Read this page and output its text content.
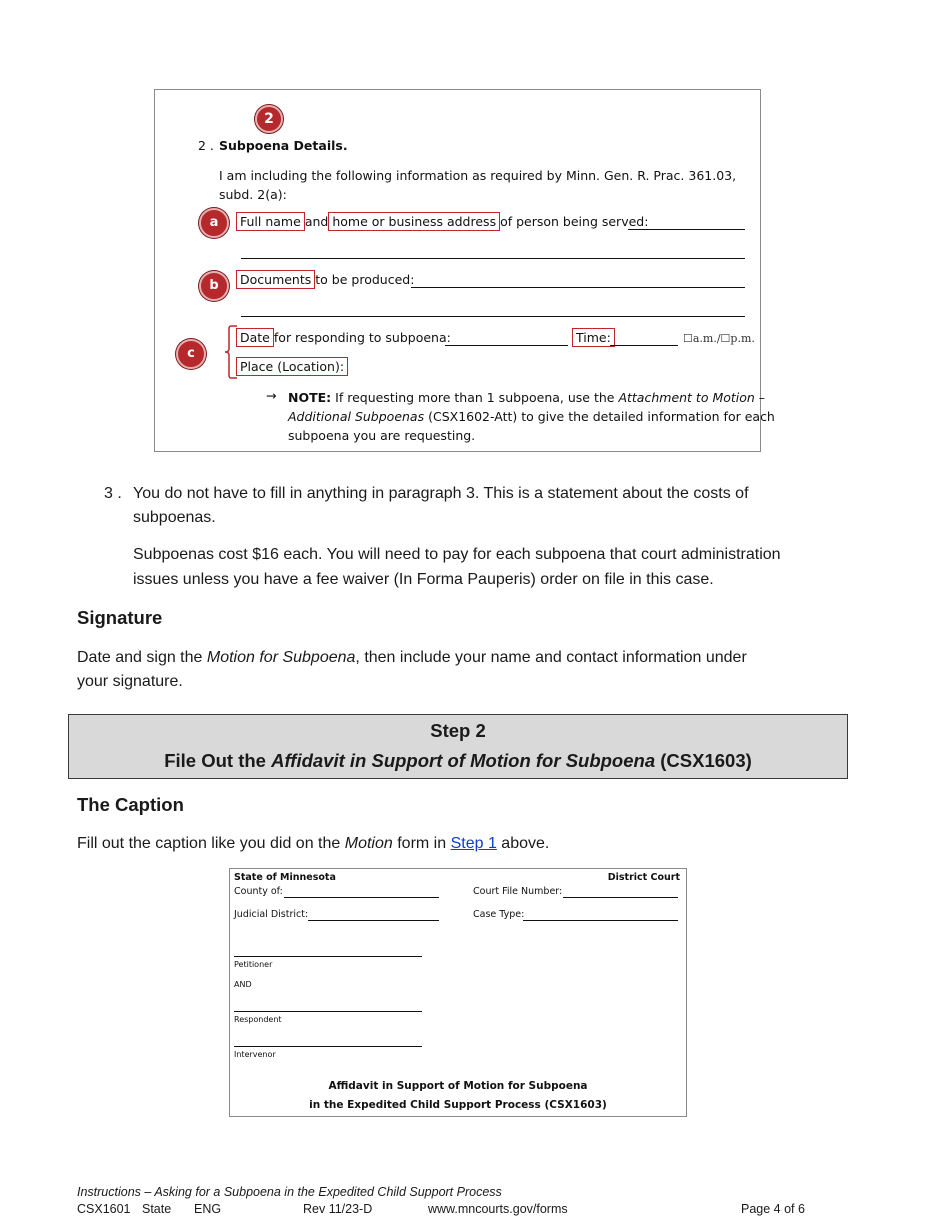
2
2 . Subpoena Details.
I am including the following information as required by Minn. Gen. R. Prac. 361.03,
subd. 2(a):
a	Full name and home or business address of person being served:
b	Documents to be produced:
c
Date for responding to subpoena:	Time:	☐a.m./☐p.m.
Place (Location):
→ NOTE: If requesting more than 1 subpoena, use the Attachment to Motion –
Additional Subpoenas (CSX1602-Att) to give the detailed information for each
subpoena you are requesting.
3 . You do not have to fill in anything in paragraph 3. This is a statement about the costs of
subpoenas.
Subpoenas cost $16 each. You will need to pay for each subpoena that court administration
issues unless you have a fee waiver (In Forma Pauperis) order on file in this case.
Signature
Date and sign the Motion for Subpoena, then include your name and contact information under
your signature.
Step 2
File Out the Affidavit in Support of Motion for Subpoena (CSX1603)
The Caption
Fill out the caption like you did on the Motion form in Step 1 above.
State of Minnesota	District Court
County of:	Court File Number:
Judicial District:	Case Type:
Petitioner
AND
Respondent
Intervenor
Affidavit in Support of Motion for Subpoena
in the Expedited Child Support Process (CSX1603)
Instructions – Asking for a Subpoena in the Expedited Child Support Process
CSX1601 State ENG	Rev 11/23-D	www.mncourts.gov/forms	Page 4 of 6
